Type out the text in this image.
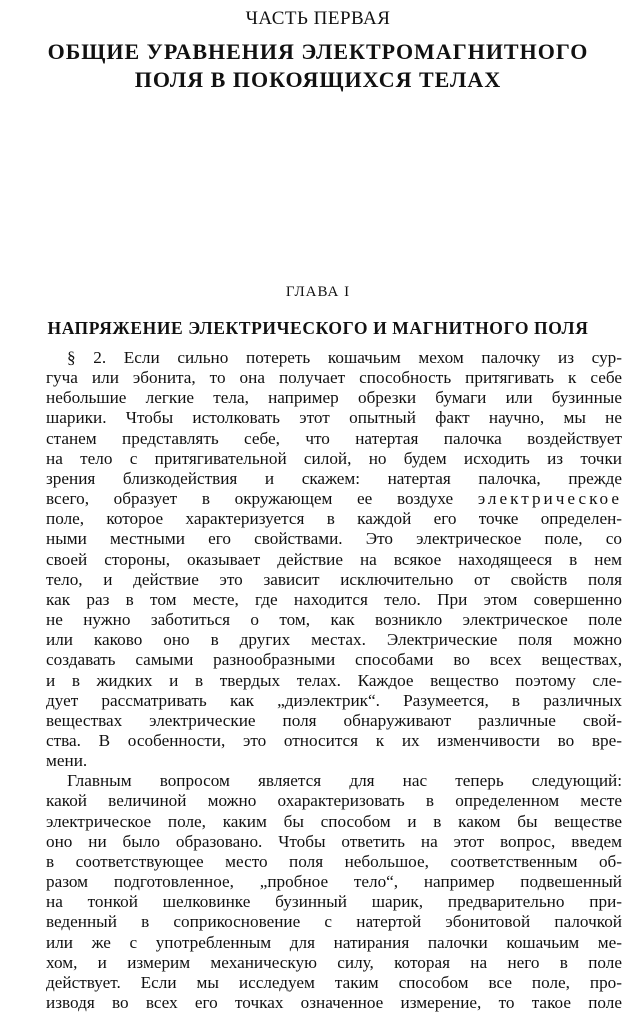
ЧАСТЬ ПЕРВАЯ
ОБЩИЕ УРАВНЕНИЯ ЭЛЕКТРОМАГНИТНОГО
ПОЛЯ В ПОКОЯЩИХСЯ ТЕЛАХ
ГЛАВА I
НАПРЯЖЕНИЕ ЭЛЕКТРИЧЕСКОГО И МАГНИТНОГО ПОЛЯ
§ 2. Если сильно потереть кошачьим мехом палочку из сур-
гуча или эбонита, то она получает способность притягивать к себе
небольшие легкие тела, например обрезки бумаги или бузинные
шарики. Чтобы истолковать этот опытный факт научно, мы не
станем представлять себе, что натертая палочка воздействует
на тело с притягивательной силой, но будем исходить из точки
зрения близкодействия и скажем: натертая палочка, прежде
всего, образует в окружающем ее воздухе электрическое
поле, которое характеризуется в каждой его точке определен-
ными местными его свойствами. Это электрическое поле, со
своей стороны, оказывает действие на всякое находящееся в нем
тело, и действие это зависит исключительно от свойств поля
как раз в том месте, где находится тело. При этом совершенно
не нужно заботиться о том, как возникло электрическое поле
или каково оно в других местах. Электрические поля можно
создавать самыми разнообразными способами во всех веществах,
и в жидких и в твердых телах. Каждое вещество поэтому сле-
дует рассматривать как „диэлектрик“. Разумеется, в различных
веществах электрические поля обнаруживают различные свой-
ства. В особенности, это относится к их изменчивости во вре-
мени.
Главным вопросом является для нас теперь следующий:
какой величиной можно охарактеризовать в определенном месте
электрическое поле, каким бы способом и в каком бы веществе
оно ни было образовано. Чтобы ответить на этот вопрос, введем
в соответствующее место поля небольшое, соответственным об-
разом подготовленное, „пробное тело“, например подвешенный
на тонкой шелковинке бузинный шарик, предварительно при-
веденный в соприкосновение с натертой эбонитовой палочкой
или же с употребленным для натирания палочки кошачьим ме-
хом, и измерим механическую силу, которая на него в поле
действует. Если мы исследуем таким способом все поле, про-
изводя во всех его точках означенное измерение, то такое поле
